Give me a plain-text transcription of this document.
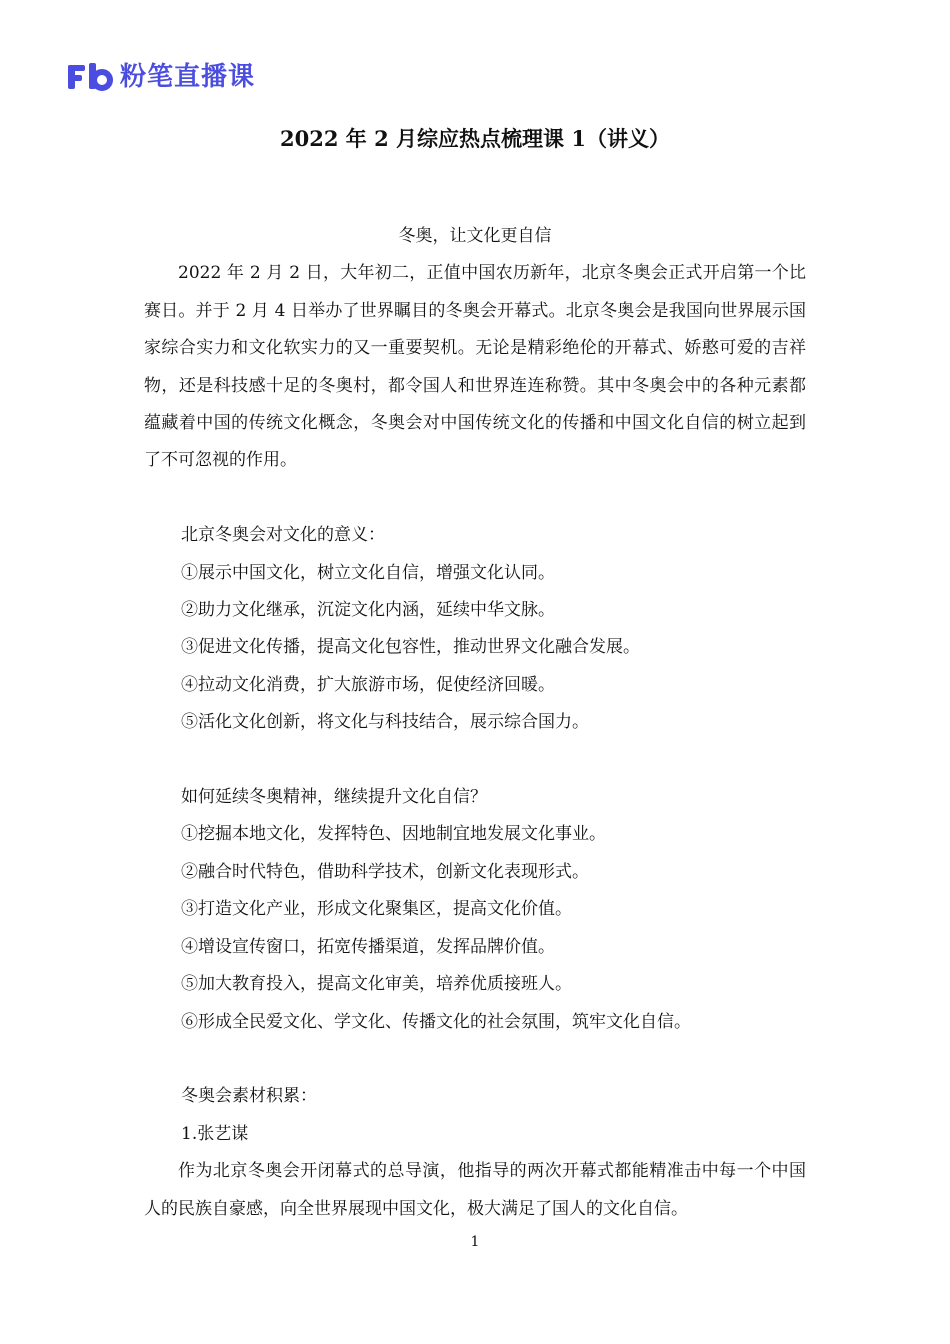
粉笔直播课
2022 年 2 月综应热点梳理课 1（讲义）

冬奥，让文化更自信

2022 年 2 月 2 日，大年初二，正值中国农历新年，北京冬奥会正式开启第一个比赛日。并于 2 月 4 日举办了世界瞩目的冬奥会开幕式。北京冬奥会是我国向世界展示国家综合实力和文化软实力的又一重要契机。无论是精彩绝伦的开幕式、娇憨可爱的吉祥物，还是科技感十足的冬奥村，都令国人和世界连连称赞。其中冬奥会中的各种元素都蕴藏着中国的传统文化概念，冬奥会对中国传统文化的传播和中国文化自信的树立起到了不可忽视的作用。

北京冬奥会对文化的意义：

①展示中国文化，树立文化自信，增强文化认同。

②助力文化继承，沉淀文化内涵，延续中华文脉。

③促进文化传播，提高文化包容性，推动世界文化融合发展。

④拉动文化消费，扩大旅游市场，促使经济回暖。

⑤活化文化创新，将文化与科技结合，展示综合国力。

如何延续冬奥精神，继续提升文化自信？

①挖掘本地文化，发挥特色、因地制宜地发展文化事业。

②融合时代特色，借助科学技术，创新文化表现形式。

③打造文化产业，形成文化聚集区，提高文化价值。

④增设宣传窗口，拓宽传播渠道，发挥品牌价值。

⑤加大教育投入，提高文化审美，培养优质接班人。

⑥形成全民爱文化、学文化、传播文化的社会氛围，筑牢文化自信。

冬奥会素材积累：

1.张艺谋

作为北京冬奥会开闭幕式的总导演，他指导的两次开幕式都能精准击中每一个中国人的民族自豪感，向全世界展现中国文化，极大满足了国人的文化自信。

1
